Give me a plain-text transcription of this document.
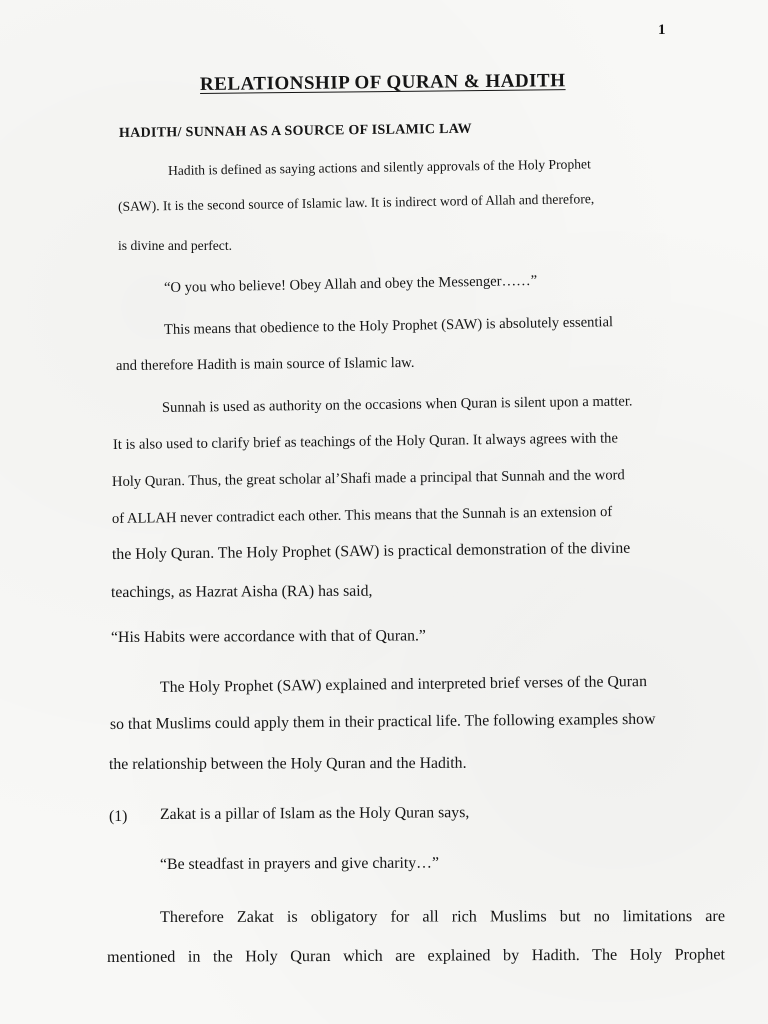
1
RELATIONSHIP OF QURAN & HADITH
HADITH/ SUNNAH AS A SOURCE OF ISLAMIC LAW
Hadith is defined as saying actions and silently approvals of the Holy Prophet
(SAW). It is the second source of Islamic law. It is indirect word of Allah and therefore,
is divine and perfect.
“O you who believe! Obey Allah and obey the Messenger……”
This means that obedience to the Holy Prophet (SAW) is absolutely essential
and therefore Hadith is main source of Islamic law.
Sunnah is used as authority on the occasions when Quran is silent upon a matter.
It is also used to clarify brief as teachings of the Holy Quran. It always agrees with the
Holy Quran. Thus, the great scholar al’Shafi made a principal that Sunnah and the word
of ALLAH never contradict each other. This means that the Sunnah is an extension of
the Holy Quran. The Holy Prophet (SAW) is practical demonstration of the divine
teachings, as Hazrat Aisha (RA) has said,
“His Habits were accordance with that of Quran.”
The Holy Prophet (SAW) explained and interpreted brief verses of the Quran
so that Muslims could apply them in their practical life. The following examples show
the relationship between the Holy Quran and the Hadith.
(1) Zakat is a pillar of Islam as the Holy Quran says,
“Be steadfast in prayers and give charity…”
Therefore Zakat is obligatory for all rich Muslims but no limitations are
mentioned in the Holy Quran which are explained by Hadith. The Holy Prophet
